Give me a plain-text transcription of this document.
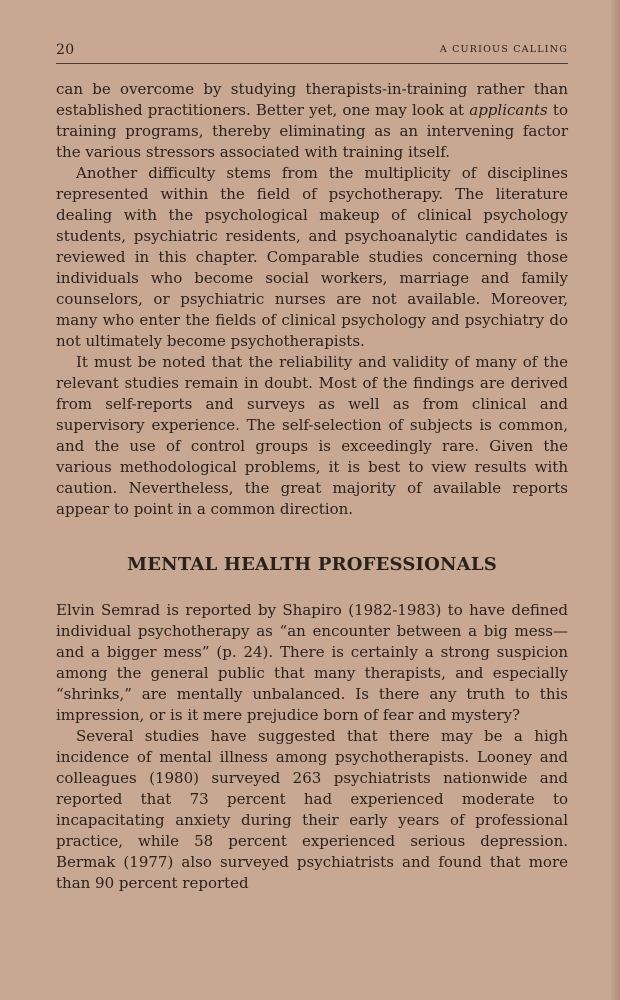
20	A CURIOUS CALLING

can be overcome by studying therapists-in-training rather than established practitioners. Better yet, one may look at applicants to training programs, thereby eliminating as an intervening factor the various stressors associated with training itself.

Another difficulty stems from the multiplicity of disciplines represented within the field of psychotherapy. The literature dealing with the psychological makeup of clinical psychology students, psychiatric residents, and psychoanalytic candidates is reviewed in this chapter. Comparable studies concerning those individuals who become social workers, marriage and family counselors, or psychiatric nurses are not available. Moreover, many who enter the fields of clinical psychology and psychiatry do not ultimately become psychotherapists.

It must be noted that the reliability and validity of many of the relevant studies remain in doubt. Most of the findings are derived from self-reports and surveys as well as from clinical and supervisory experience. The self-selection of subjects is common, and the use of control groups is exceedingly rare. Given the various methodological problems, it is best to view results with caution. Nevertheless, the great majority of available reports appear to point in a common direction.

MENTAL HEALTH PROFESSIONALS

Elvin Semrad is reported by Shapiro (1982-1983) to have defined individual psychotherapy as “an encounter between a big mess—and a bigger mess” (p. 24). There is certainly a strong suspicion among the general public that many therapists, and especially “shrinks,” are mentally unbalanced. Is there any truth to this impression, or is it mere prejudice born of fear and mystery?

Several studies have suggested that there may be a high incidence of mental illness among psychotherapists. Looney and colleagues (1980) surveyed 263 psychiatrists nationwide and reported that 73 percent had experienced moderate to incapacitating anxiety during their early years of professional practice, while 58 percent experienced serious depression. Bermak (1977) also surveyed psychiatrists and found that more than 90 percent reported
